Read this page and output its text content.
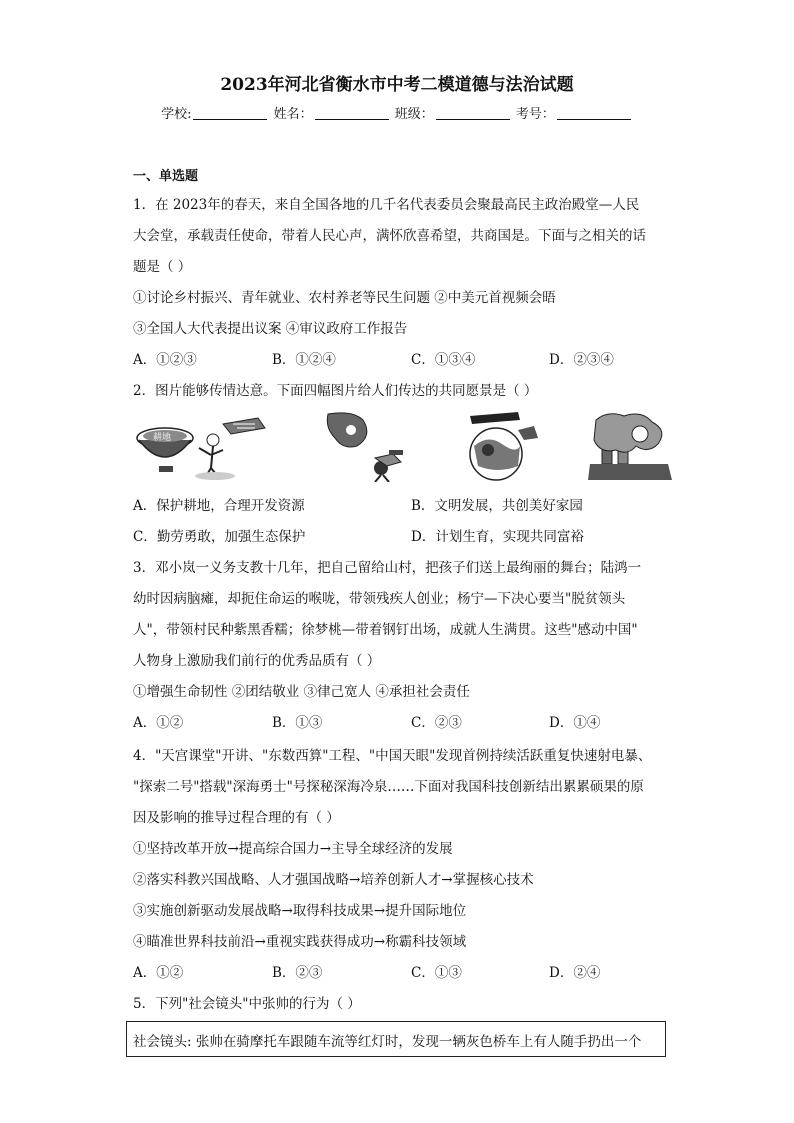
2023年河北省衡水市中考二模道德与法治试题
学校:	姓名：	班级：	考号：
一、单选题
1．在 2023年的春天，来自全国各地的几千名代表委员会聚最高民主政治殿堂—人民
大会堂，承载责任使命，带着人民心声，满怀欣喜希望，共商国是。下面与之相关的话
题是（ ）
①讨论乡村振兴、青年就业、农村养老等民生问题 ②中美元首视频会晤
③全国人大代表提出议案 ④审议政府工作报告
A．①②③	B．①②④	C．①③④	D．②③④
2．图片能够传情达意。下面四幅图片给人们传达的共同愿景是（ ）
耕地
A．保护耕地，合理开发资源	B．文明发展，共创美好家园
C．勤劳勇敢，加强生态保护	D．计划生育，实现共同富裕
3．邓小岚一义务支教十几年，把自己留给山村，把孩子们送上最绚丽的舞台；陆鸿一
幼时因病脑瘫，却扼住命运的喉咙，带领残疾人创业；杨宁—下决心要当"脱贫领头
人"，带领村民种紫黑香糯；徐梦桃—带着钢钉出场，成就人生满贯。这些"感动中国"
人物身上激励我们前行的优秀品质有（ ）
①增强生命韧性 ②团结敬业 ③律己宽人 ④承担社会责任
A．①②	B．①③	C．②③	D．①④
4．"天宫课堂"开讲、"东数西算"工程、"中国天眼"发现首例持续活跃重复快速射电暴、
"探索二号"搭载"深海勇士"号探秘深海冷泉……下面对我国科技创新结出累累硕果的原
因及影响的推导过程合理的有（ ）
①坚持改革开放→提高综合国力→主导全球经济的发展
②落实科教兴国战略、人才强国战略→培养创新人才→掌握核心技术
③实施创新驱动发展战略→取得科技成果→提升国际地位
④瞄准世界科技前沿→重视实践获得成功→称霸科技领域
A．①②	B．②③	C．①③	D．②④
5．下列"社会镜头"中张帅的行为（ ）
社会镜头: 张帅在骑摩托车跟随车流等红灯时，发现一辆灰色桥车上有人随手扔出一个
